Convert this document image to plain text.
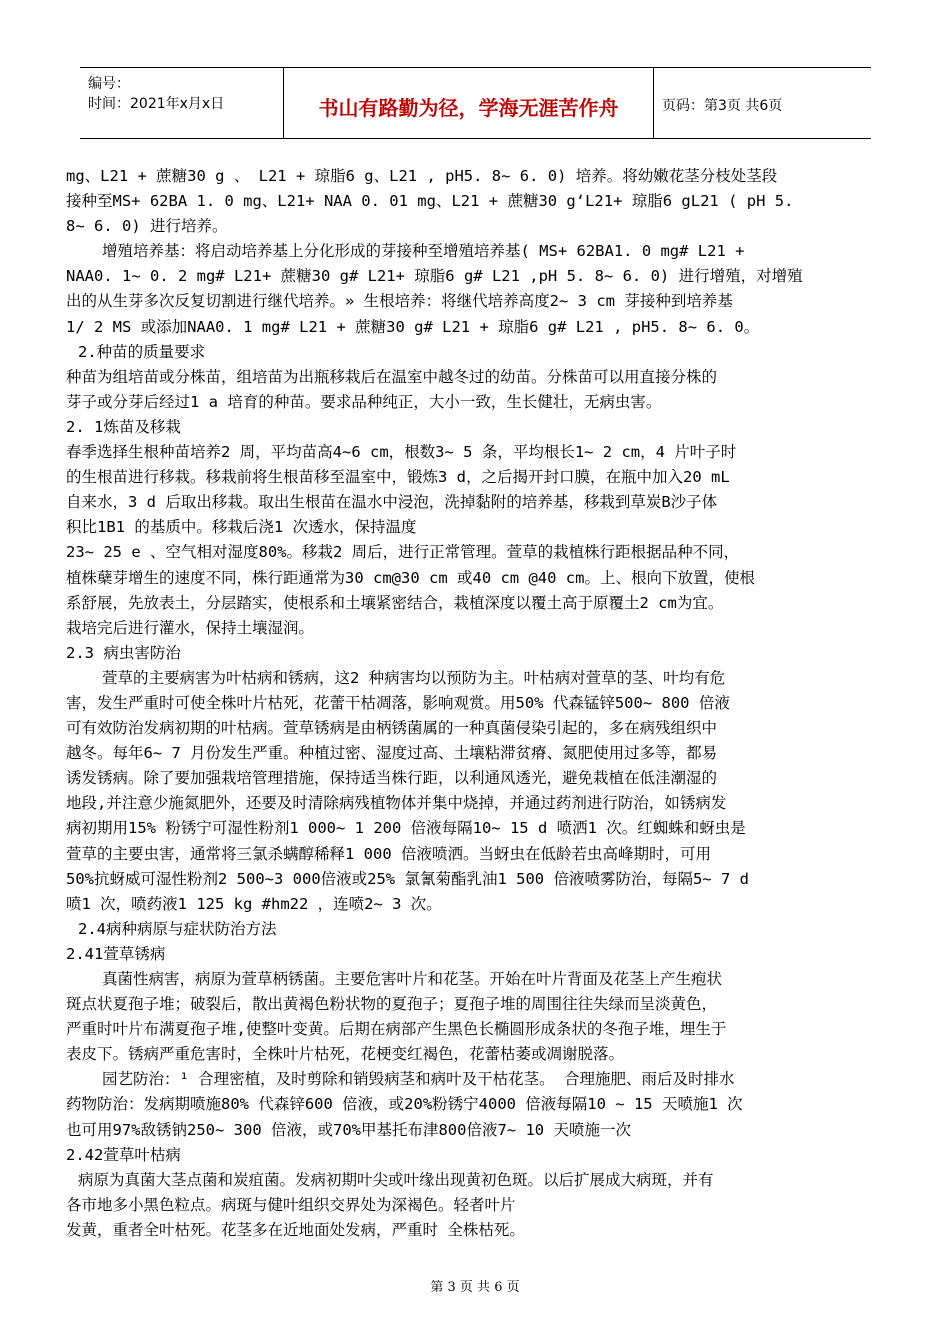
编号：
时间：2021年x月x日	书山有路勤为径，学海无涯苦作舟	页码：第3页 共6页

mg、L21 + 蔗糖30 g 、 L21 + 琼脂6 g、L21 , pH5. 8~ 6. 0) 培养。将幼嫩花茎分枝处茎段

接种至MS+ 62BA 1. 0 mg、L21+ NAA 0. 01 mg、L21 + 蔗糖30 g‘L21+ 琼脂6 gL21 ( pH 5.

8~ 6. 0) 进行培养。

增殖培养基：将启动培养基上分化形成的芽接种至增殖培养基( MS+ 62BA1. 0 mg# L21 +

NAA0. 1~ 0. 2 mg# L21+ 蔗糖30 g# L21+ 琼脂6 g# L21 ,pH 5. 8~ 6. 0) 进行增殖，对增殖

出的从生芽多次反复切割进行继代培养。» 生根培养：将继代培养高度2~ 3 cm 芽接种到培养基

1/ 2 MS 或添加NAA0. 1 mg# L21 + 蔗糖30 g# L21 + 琼脂6 g# L21 , pH5. 8~ 6. 0。

2.种苗的质量要求

种苗为组培苗或分株苗，组培苗为出瓶移栽后在温室中越冬过的幼苗。分株苗可以用直接分株的

芽子或分芽后经过1 a 培育的种苗。要求品种纯正，大小一致，生长健壮，无病虫害。

2. 1炼苗及移栽

春季选择生根种苗培养2 周，平均苗高4~6 cm，根数3~ 5 条，平均根长1~ 2 cm，4 片叶子时

的生根苗进行移栽。移栽前将生根苗移至温室中，锻炼3 d，之后揭开封口膜，在瓶中加入20 mL

自来水，3 d 后取出移栽。取出生根苗在温水中浸泡，洗掉黏附的培养基，移栽到草炭B沙子体

积比1B1 的基质中。移栽后浇1 次透水，保持温度

23~ 25 e 、空气相对湿度80%。移栽2 周后，进行正常管理。萱草的栽植株行距根据品种不同，

植株蘖芽增生的速度不同，株行距通常为30 cm@30 cm 或40 cm @40 cm。上、根向下放置，使根

系舒展，先放表土，分层踏实，使根系和土壤紧密结合，栽植深度以覆土高于原覆土2 cm为宜。

栽培完后进行灌水，保持土壤湿润。

2.3 病虫害防治

萱草的主要病害为叶枯病和锈病，这2 种病害均以预防为主。叶枯病对萱草的茎、叶均有危

害，发生严重时可使全株叶片枯死，花蕾干枯凋落，影响观赏。用50% 代森锰锌500~ 800 倍液

可有效防治发病初期的叶枯病。萱草锈病是由柄锈菌属的一种真菌侵染引起的，多在病残组织中

越冬。每年6~ 7 月份发生严重。种植过密、湿度过高、土壤粘滞贫瘠、氮肥使用过多等，都易

诱发锈病。除了要加强栽培管理措施，保持适当株行距，以利通风透光，避免栽植在低洼潮湿的

地段,并注意少施氮肥外，还要及时清除病残植物体并集中烧掉，并通过药剂进行防治，如锈病发

病初期用15% 粉锈宁可湿性粉剂1 000~ 1 200 倍液每隔10~ 15 d 喷洒1 次。红蜘蛛和蚜虫是

萱草的主要虫害，通常将三氯杀螨醇稀释1 000 倍液喷洒。当蚜虫在低龄若虫高峰期时，可用

50%抗蚜威可湿性粉剂2 500~3 000倍液或25% 氯氰菊酯乳油1 500 倍液喷雾防治，每隔5~ 7 d

喷1 次，喷药液1 125 kg #hm22 ，连喷2~ 3 次。

2.4病种病原与症状防治方法

2.41萱草锈病

真菌性病害，病原为萱草柄锈菌。主要危害叶片和花茎。开始在叶片背面及花茎上产生疱状

斑点状夏孢子堆；破裂后，散出黄褐色粉状物的夏孢子；夏孢子堆的周围往往失绿而呈淡黄色，

严重时叶片布满夏孢子堆,使整叶变黄。后期在病部产生黑色长椭圆形成条状的冬孢子堆，埋生于

表皮下。锈病严重危害时，全株叶片枯死，花梗变红褐色，花蕾枯萎或凋谢脱落。

园艺防治：¹ 合理密植，及时剪除和销毁病茎和病叶及干枯花茎。 合理施肥、雨后及时排水

药物防治：发病期喷施80% 代森锌600 倍液，或20%粉锈宁4000 倍液每隔10 ~ 15 天喷施1 次

也可用97%敌锈钠250~ 300 倍液，或70%甲基托布津800倍液7~ 10 天喷施一次

2.42萱草叶枯病

病原为真菌大茎点菌和炭疽菌。发病初期叶尖或叶缘出现黄初色斑。以后扩展成大病斑，并有

各市地多小黑色粒点。病斑与健叶组织交界处为深褐色。轻者叶片

发黄，重者全叶枯死。花茎多在近地面处发病，严重时 全株枯死。

第 3 页 共 6 页
